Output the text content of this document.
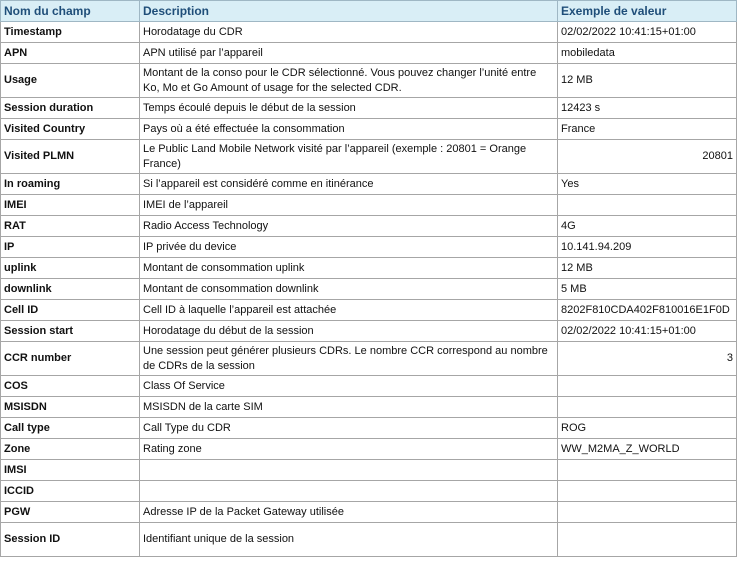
Nom du champ	Description	Exemple de valeur
Timestamp	Horodatage du CDR	02/02/2022 10:41:15+01:00
APN	APN utilisé par l’appareil	mobiledata
Usage	Montant de la conso pour le CDR sélectionné. Vous pouvez changer l’unité entre Ko, Mo et Go Amount of usage for the selected CDR.	12 MB
Session duration	Temps écoulé depuis le début de la session	12423 s
Visited Country	Pays où a été effectuée la consommation	France
Visited PLMN	Le Public Land Mobile Network visité par l’appareil (exemple : 20801 = Orange France)	20801
In roaming	Si l’appareil est considéré comme en itinérance	Yes
IMEI	IMEI de l’appareil	
RAT	Radio Access Technology	4G
IP	IP privée du device	10.141.94.209
uplink	Montant de consommation uplink	12 MB
downlink	Montant de consommation downlink	5 MB
Cell ID	Cell ID à laquelle l’appareil est attachée	8202F810CDA402F810016E1F0D
Session start	Horodatage du début de la session	02/02/2022 10:41:15+01:00
CCR number	Une session peut générer plusieurs CDRs. Le nombre CCR correspond au nombre de CDRs de la session	3
COS	Class Of Service	
MSISDN	MSISDN de la carte SIM	
Call type	Call Type du CDR	ROG
Zone	Rating zone	WW_M2MA_Z_WORLD
IMSI		
ICCID		
PGW	Adresse IP de la Packet Gateway utilisée	
Session ID	Identifiant unique de la session	
